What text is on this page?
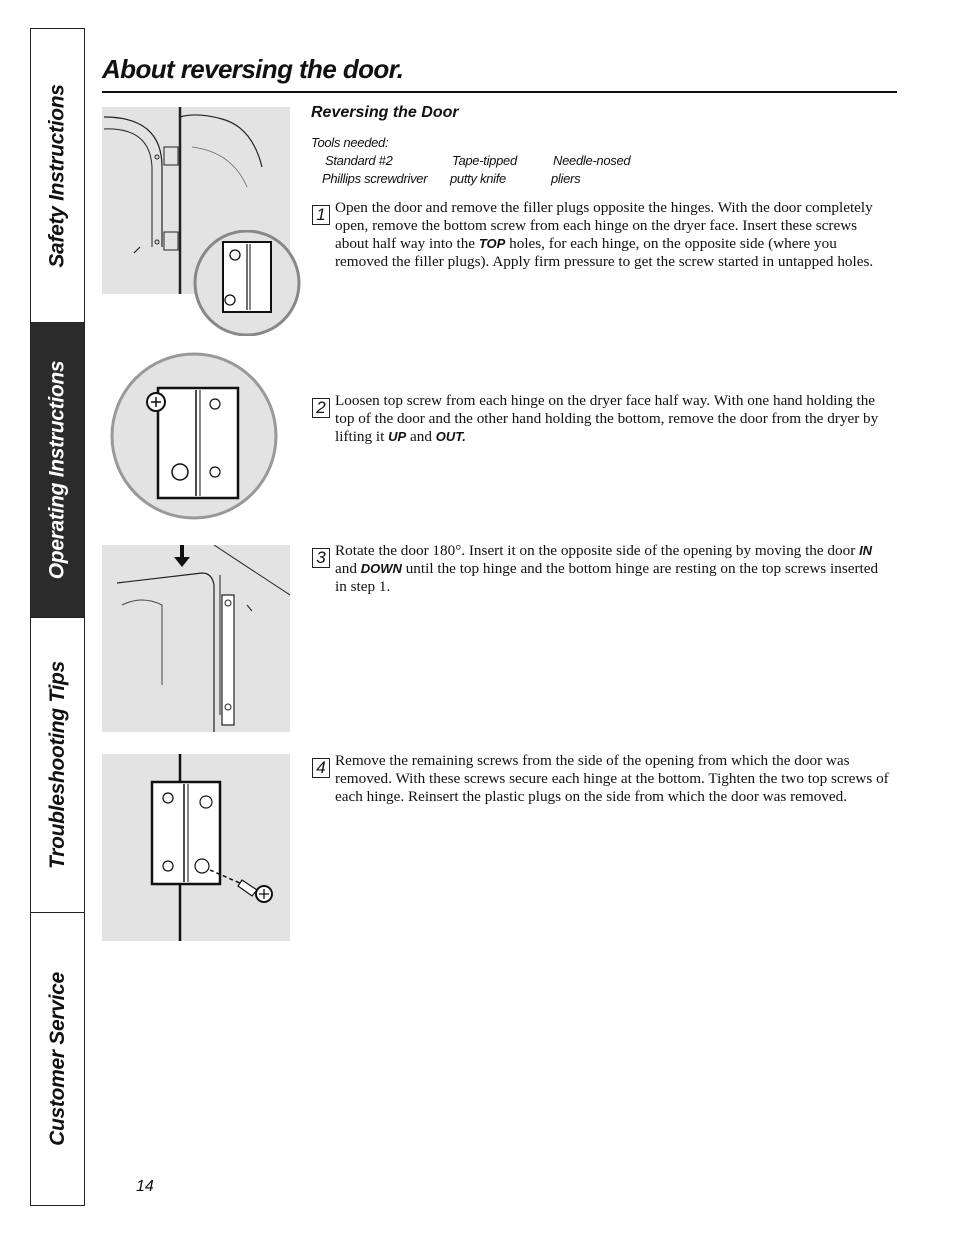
Safety Instructions
Operating Instructions
Troubleshooting Tips
Customer Service
About reversing the door.
Reversing the Door
Tools needed:
Standard #2
Phillips screwdriver
Tape-tipped
putty knife
Needle-nosed
pliers
1 Open the door and remove the filler plugs opposite the hinges. With the door completely open, remove the bottom screw from each hinge on the dryer face. Insert these screws about half way into the TOP holes, for each hinge, on the opposite side (where you removed the filler plugs). Apply firm pressure to get the screw started in untapped holes.
2 Loosen top screw from each hinge on the dryer face half way. With one hand holding the top of the door and the other hand holding the bottom, remove the door from the dryer by lifting it UP and OUT.
3 Rotate the door 180°. Insert it on the opposite side of the opening by moving the door IN and DOWN until the top hinge and the bottom hinge are resting on the top screws inserted in step 1.
4 Remove the remaining screws from the side of the opening from which the door was removed. With these screws secure each hinge at the bottom. Tighten the two top screws of each hinge. Reinsert the plastic plugs on the side from which the door was removed.
14
